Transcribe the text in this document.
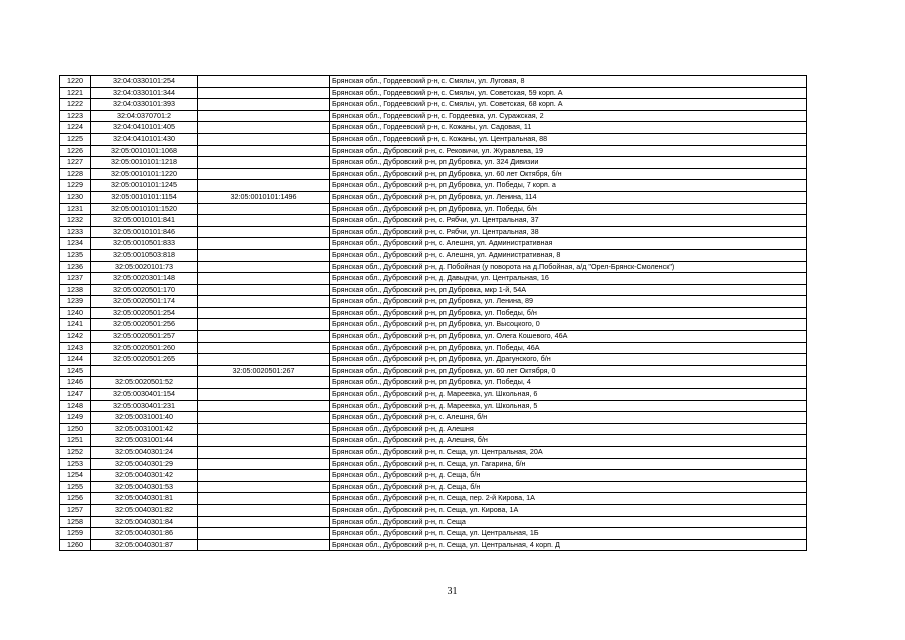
1220	32:04:0330101:254		Брянская обл., Гордеевский р-н, с. Смяльч, ул. Луговая, 8
1221	32:04:0330101:344		Брянская обл., Гордеевский р-н, с. Смяльч, ул. Советская, 59 корп. А
1222	32:04:0330101:393		Брянская обл., Гордеевский р-н, с. Смяльч, ул. Советская, 68 корп. А
1223	32:04:0370701:2		Брянская обл., Гордеевский р-н, с. Гордеевка, ул. Суражская, 2
1224	32:04:0410101:405		Брянская обл., Гордеевский р-н, с. Кожаны, ул. Садовая, 11
1225	32:04:0410101:430		Брянская обл., Гордеевский р-н, с. Кожаны, ул. Центральная, 88
1226	32:05:0010101:1068		Брянская обл., Дубровский р-н, с. Рековичи, ул. Журавлева, 19
1227	32:05:0010101:1218		Брянская обл., Дубровский р-н, рп Дубровка, ул. 324 Дивизии
1228	32:05:0010101:1220		Брянская обл., Дубровский р-н, рп Дубровка, ул. 60 лет Октября, б/н
1229	32:05:0010101:1245		Брянская обл., Дубровский р-н, рп Дубровка, ул. Победы, 7 корп. а
1230	32:05:0010101:1154	32:05:0010101:1496	Брянская обл., Дубровский р-н, рп Дубровка, ул. Ленина, 114
1231	32:05:0010101:1520		Брянская обл., Дубровский р-н, рп Дубровка, ул. Победы, б/н
1232	32:05:0010101:841		Брянская обл., Дубровский р-н, с. Рябчи, ул. Центральная, 37
1233	32:05:0010101:846		Брянская обл., Дубровский р-н, с. Рябчи, ул. Центральная, 38
1234	32:05:0010501:833		Брянская обл., Дубровский р-н, с. Алешня, ул. Административная
1235	32:05:0010503:818		Брянская обл., Дубровский р-н, с. Алешня, ул. Административная, 8
1236	32:05:0020101:73		Брянская обл., Дубровский р-н, д. Побойная (у поворота на д.Побойная, а/д "Орел-Брянск-Смоленск")
1237	32:05:0020301:148		Брянская обл., Дубровский р-н, д. Давыдчи, ул. Центральная, 16
1238	32:05:0020501:170		Брянская обл., Дубровский р-н, рп Дубровка, мкр 1-й, 54А
1239	32:05:0020501:174		Брянская обл., Дубровский р-н, рп Дубровка, ул. Ленина, 89
1240	32:05:0020501:254		Брянская обл., Дубровский р-н, рп Дубровка, ул. Победы, б/н
1241	32:05:0020501:256		Брянская обл., Дубровский р-н, рп Дубровка, ул. Высоцкого, 0
1242	32:05:0020501:257		Брянская обл., Дубровский р-н, рп Дубровка, ул. Олега Кошевого, 46А
1243	32:05:0020501:260		Брянская обл., Дубровский р-н, рп Дубровка, ул. Победы, 46А
1244	32:05:0020501:265		Брянская обл., Дубровский р-н, рп Дубровка, ул. Драгунского, б/н
1245		32:05:0020501:267	Брянская обл., Дубровский р-н, рп Дубровка, ул. 60 лет Октября, 0
1246	32:05:0020501:52		Брянская обл., Дубровский р-н, рп Дубровка, ул. Победы, 4
1247	32:05:0030401:154		Брянская обл., Дубровский р-н, д. Мареевка, ул. Школьная, 6
1248	32:05:0030401:231		Брянская обл., Дубровский р-н, д. Мареевка, ул. Школьная, 5
1249	32:05:0031001:40		Брянская обл., Дубровский р-н, с. Алешня, б/н
1250	32:05:0031001:42		Брянская обл., Дубровский р-н, д. Алешня
1251	32:05:0031001:44		Брянская обл., Дубровский р-н, д. Алешня, б/н
1252	32:05:0040301:24		Брянская обл., Дубровский р-н, п. Сеща, ул. Центральная, 20А
1253	32:05:0040301:29		Брянская обл., Дубровский р-н, п. Сеща, ул. Гагарина, б/н
1254	32:05:0040301:42		Брянская обл., Дубровский р-н, д. Сеща, б/н
1255	32:05:0040301:53		Брянская обл., Дубровский р-н, д. Сеща, б/н
1256	32:05:0040301:81		Брянская обл., Дубровский р-н, п. Сеща, пер. 2-й Кирова, 1А
1257	32:05:0040301:82		Брянская обл., Дубровский р-н, п. Сеща, ул. Кирова, 1А
1258	32:05:0040301:84		Брянская обл., Дубровский р-н, п. Сеща
1259	32:05:0040301:86		Брянская обл., Дубровский р-н, п. Сеща, ул. Центральная, 1Б
1260	32:05:0040301:87		Брянская обл., Дубровский р-н, п. Сеща, ул. Центральная, 4 корп. Д
31
